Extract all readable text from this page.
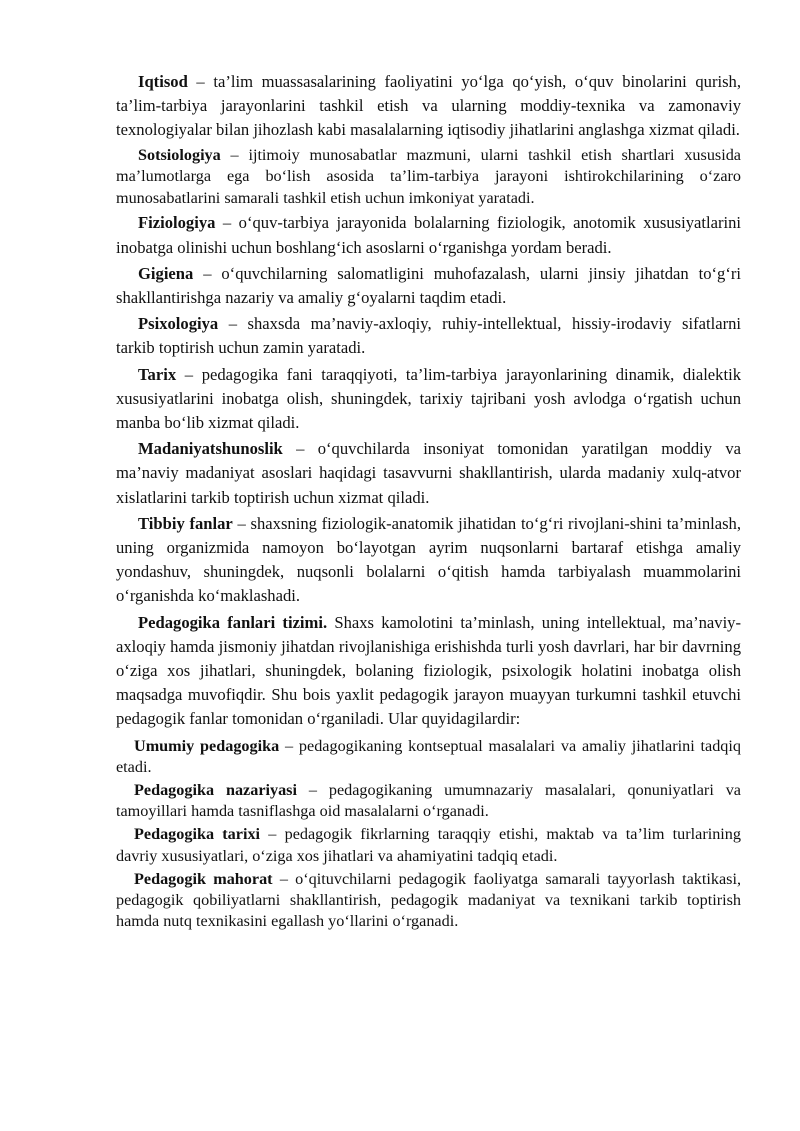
Iqtisod – ta’lim muassasalarining faoliyatini yo‘lga qo‘yish, o‘quv binolarini qurish, ta’lim-tarbiya jarayonlarini tashkil etish va ularning moddiy-texnika va zamonaviy texnologiyalar bilan jihozlash kabi masalalarning iqtisodiy jihatlarini anglashga xizmat qiladi.

Sotsiologiya – ijtimoiy munosabatlar mazmuni, ularni tashkil etish shartlari xususida ma’lumotlarga ega bo‘lish asosida ta’lim-tarbiya jarayoni ishtirokchilarining o‘zaro munosabatlarini samarali tashkil etish uchun imkoniyat yaratadi.

Fiziologiya – o‘quv-tarbiya jarayonida bolalarning fiziologik, anotomik xususiyatlarini inobatga olinishi uchun boshlang‘ich asoslarni o‘rganishga yordam beradi.

Gigiena – o‘quvchilarning salomatligini muhofazalash, ularni jinsiy jihatdan to‘g‘ri shakllantirishga nazariy va amaliy g‘oyalarni taqdim etadi.

Psixologiya – shaxsda ma’naviy-axloqiy, ruhiy-intellektual, hissiy-irodaviy sifatlarni tarkib toptirish uchun zamin yaratadi.

Tarix – pedagogika fani taraqqiyoti, ta’lim-tarbiya jarayonlarining dinamik, dialektik xususiyatlarini inobatga olish, shuningdek, tarixiy tajribani yosh avlodga o‘rgatish uchun manba bo‘lib xizmat qiladi.

Madaniyatshunoslik – o‘quvchilarda insoniyat tomonidan yaratilgan moddiy va ma’naviy madaniyat asoslari haqidagi tasavvurni shakllantirish, ularda madaniy xulq-atvor xislatlarini tarkib toptirish uchun xizmat qiladi.

Tibbiy fanlar – shaxsning fiziologik-anatomik jihatidan to‘g‘ri rivojlani-shini ta’minlash, uning organizmida namoyon bo‘layotgan ayrim nuqsonlarni bartaraf etishga amaliy yondashuv, shuningdek, nuqsonli bolalarni o‘qitish hamda tarbiyalash muammolarini o‘rganishda ko‘maklashadi.

Pedagogika fanlari tizimi. Shaxs kamolotini ta’minlash, uning intellektual, ma’naviy-axloqiy hamda jismoniy jihatdan rivojlanishiga erishishda turli yosh davrlari, har bir davrning o‘ziga xos jihatlari, shuningdek, bolaning fiziologik, psixologik holatini inobatga olish maqsadga muvofiqdir. Shu bois yaxlit pedagogik jarayon muayyan turkumni tashkil etuvchi pedagogik fanlar tomonidan o‘rganiladi. Ular quyidagilardir:

Umumiy pedagogika – pedagogikaning kontseptual masalalari va amaliy jihatlarini tadqiq etadi.

Pedagogika nazariyasi – pedagogikaning umumnazariy masalalari, qonuniyatlari va tamoyillari hamda tasniflashga oid masalalarni o‘rganadi.

Pedagogika tarixi – pedagogik fikrlarning taraqqiy etishi, maktab va ta’lim turlarining davriy xususiyatlari, o‘ziga xos jihatlari va ahamiyatini tadqiq etadi.

Pedagogik mahorat – o‘qituvchilarni pedagogik faoliyatga samarali tayyorlash taktikasi, pedagogik qobiliyatlarni shakllantirish, pedagogik madaniyat va texnikani tarkib toptirish hamda nutq texnikasini egallash yo‘llarini o‘rganadi.
